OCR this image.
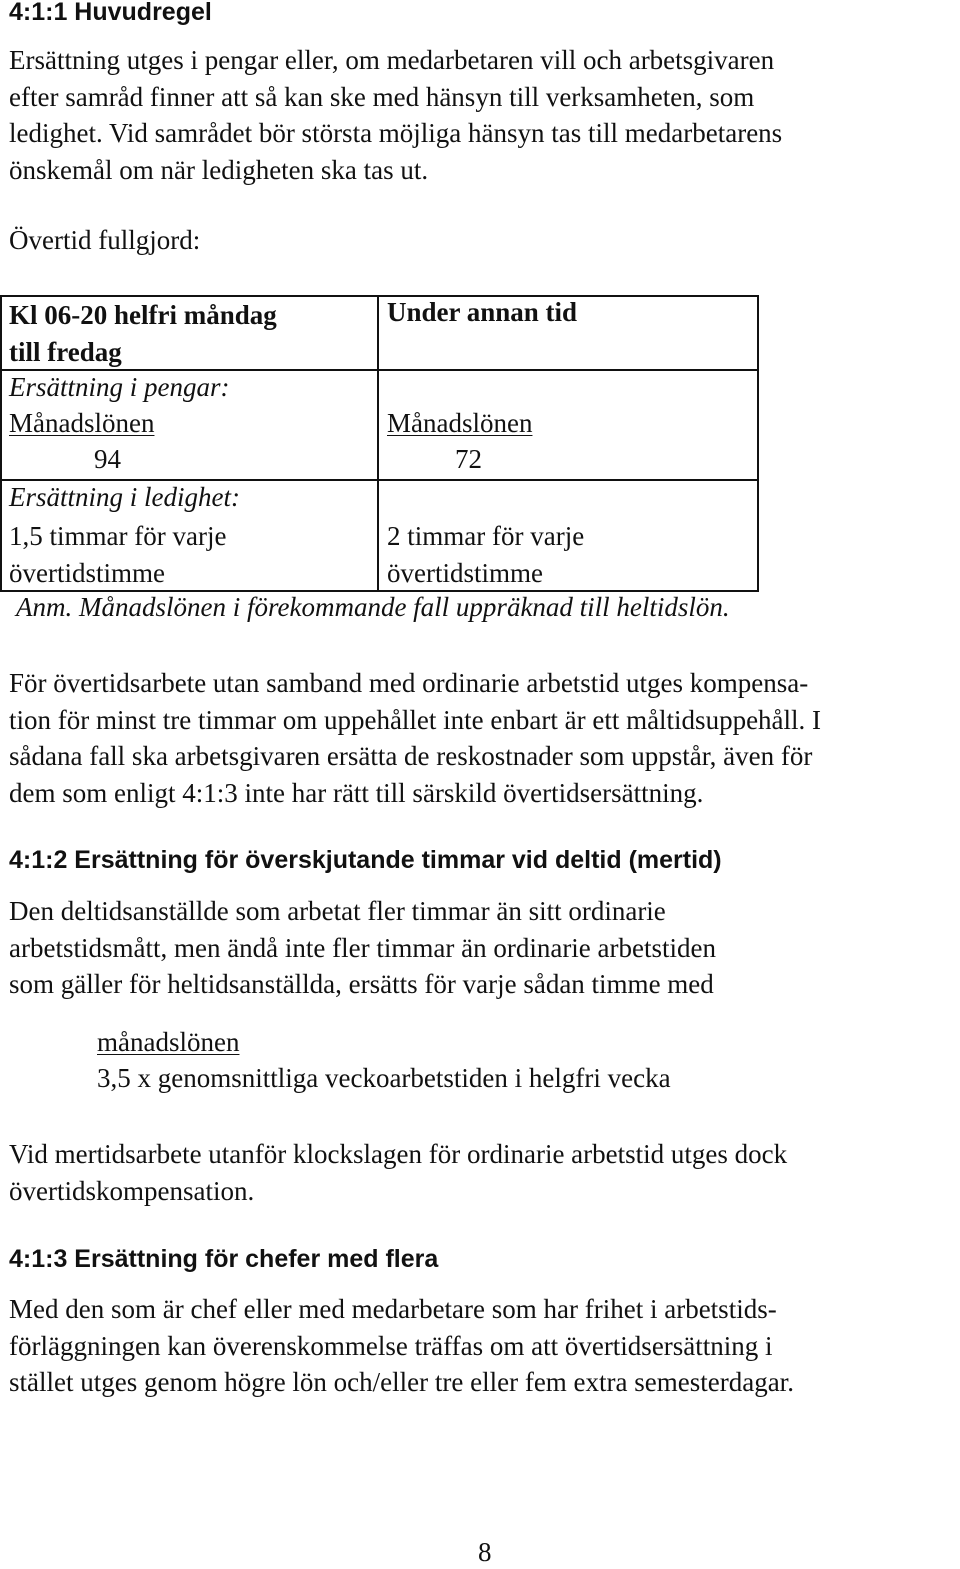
4:1:1 Huvudregel
Ersättning utges i pengar eller, om medarbetaren vill och arbetsgivaren
efter samråd finner att så kan ske med hänsyn till verksamheten, som
ledighet. Vid samrådet bör största möjliga hänsyn tas till medarbetarens
önskemål om när ledigheten ska tas ut.
Övertid fullgjord:
Kl 06-20 helfri måndag
till fredag
Under annan tid
Ersättning i pengar:
Månadslönen
94
Månadslönen
72
Ersättning i ledighet:
1,5 timmar för varje
övertidstimme
2 timmar för varje
övertidstimme
Anm. Månadslönen i förekommande fall uppräknad till heltidslön.
För övertidsarbete utan samband med ordinarie arbetstid utges kompensa-
tion för minst tre timmar om uppehållet inte enbart är ett måltidsuppehåll. I
sådana fall ska arbetsgivaren ersätta de reskostnader som uppstår, även för
dem som enligt 4:1:3 inte har rätt till särskild övertidsersättning.
4:1:2 Ersättning för överskjutande timmar vid deltid (mertid)
Den deltidsanställde som arbetat fler timmar än sitt ordinarie
arbetstidsmått, men ändå inte fler timmar än ordinarie arbetstiden
som gäller för heltidsanställda, ersätts för varje sådan timme med
månadslönen
3,5 x genomsnittliga veckoarbetstiden i helgfri vecka
Vid mertidsarbete utanför klockslagen för ordinarie arbetstid utges dock
övertidskompensation.
4:1:3 Ersättning för chefer med flera
Med den som är chef eller med medarbetare som har frihet i arbetstids-
förläggningen kan överenskommelse träffas om att övertidsersättning i
stället utges genom högre lön och/eller tre eller fem extra semesterdagar.
8
